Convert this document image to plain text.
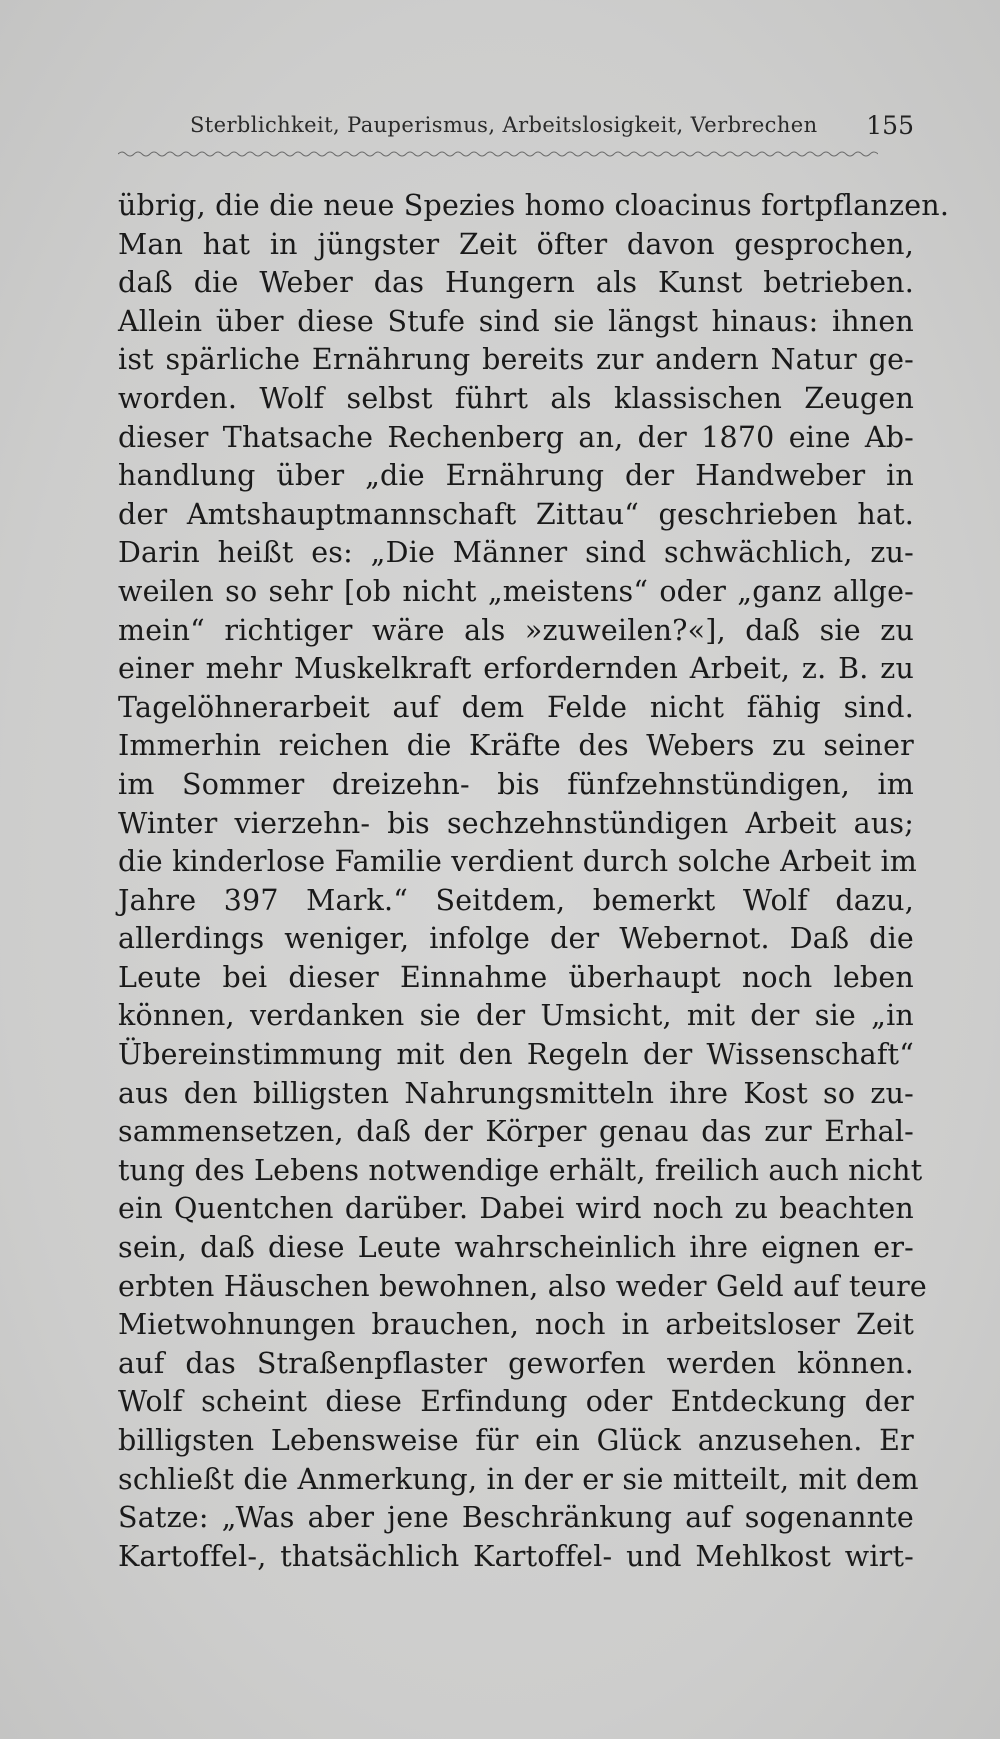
Sterblichkeit, Pauperismus, Arbeitslosigkeit, Verbrechen 155
übrig, die die neue Spezies homo cloacinus fortpflanzen.
Man hat in jüngster Zeit öfter davon gesprochen,
daß die Weber das Hungern als Kunst betrieben.
Allein über diese Stufe sind sie längst hinaus: ihnen
ist spärliche Ernährung bereits zur andern Natur ge-
worden. Wolf selbst führt als klassischen Zeugen
dieser Thatsache Rechenberg an, der 1870 eine Ab-
handlung über „die Ernährung der Handweber in
der Amtshauptmannschaft Zittau“ geschrieben hat.
Darin heißt es: „Die Männer sind schwächlich, zu-
weilen so sehr [ob nicht „meistens“ oder „ganz allge-
mein“ richtiger wäre als »zuweilen?«], daß sie zu
einer mehr Muskelkraft erfordernden Arbeit, z. B. zu
Tagelöhnerarbeit auf dem Felde nicht fähig sind.
Immerhin reichen die Kräfte des Webers zu seiner
im Sommer dreizehn- bis fünfzehnstündigen, im
Winter vierzehn- bis sechzehnstündigen Arbeit aus;
die kinderlose Familie verdient durch solche Arbeit im
Jahre 397 Mark.“ Seitdem, bemerkt Wolf dazu,
allerdings weniger, infolge der Webernot. Daß die
Leute bei dieser Einnahme überhaupt noch leben
können, verdanken sie der Umsicht, mit der sie „in
Übereinstimmung mit den Regeln der Wissenschaft“
aus den billigsten Nahrungsmitteln ihre Kost so zu-
sammensetzen, daß der Körper genau das zur Erhal-
tung des Lebens notwendige erhält, freilich auch nicht
ein Quentchen darüber. Dabei wird noch zu beachten
sein, daß diese Leute wahrscheinlich ihre eignen er-
erbten Häuschen bewohnen, also weder Geld auf teure
Mietwohnungen brauchen, noch in arbeitsloser Zeit
auf das Straßenpflaster geworfen werden können.
Wolf scheint diese Erfindung oder Entdeckung der
billigsten Lebensweise für ein Glück anzusehen. Er
schließt die Anmerkung, in der er sie mitteilt, mit dem
Satze: „Was aber jene Beschränkung auf sogenannte
Kartoffel-, thatsächlich Kartoffel- und Mehlkost wirt-
